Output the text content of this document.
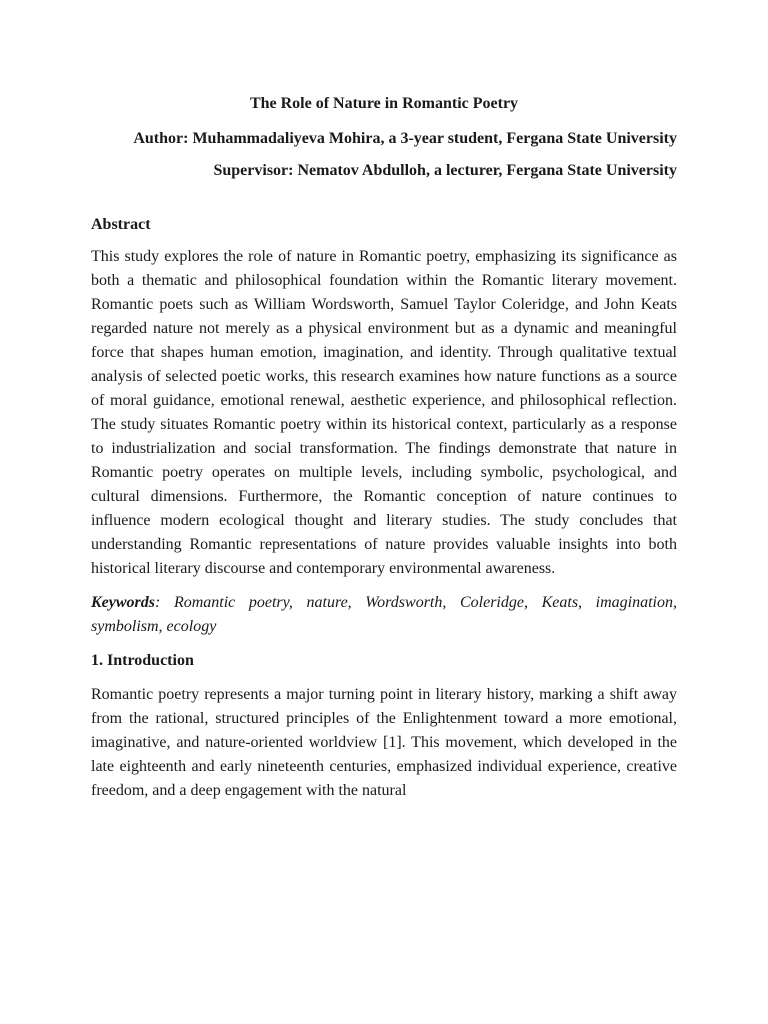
The Role of Nature in Romantic Poetry

Author: Muhammadaliyeva Mohira, a 3-year student, Fergana State University

Supervisor: Nematov Abdulloh, a lecturer, Fergana State University

Abstract

This study explores the role of nature in Romantic poetry, emphasizing its significance as both a thematic and philosophical foundation within the Romantic literary movement. Romantic poets such as William Wordsworth, Samuel Taylor Coleridge, and John Keats regarded nature not merely as a physical environment but as a dynamic and meaningful force that shapes human emotion, imagination, and identity. Through qualitative textual analysis of selected poetic works, this research examines how nature functions as a source of moral guidance, emotional renewal, aesthetic experience, and philosophical reflection. The study situates Romantic poetry within its historical context, particularly as a response to industrialization and social transformation. The findings demonstrate that nature in Romantic poetry operates on multiple levels, including symbolic, psychological, and cultural dimensions. Furthermore, the Romantic conception of nature continues to influence modern ecological thought and literary studies. The study concludes that understanding Romantic representations of nature provides valuable insights into both historical literary discourse and contemporary environmental awareness.

Keywords: Romantic poetry, nature, Wordsworth, Coleridge, Keats, imagination, symbolism, ecology

1. Introduction

Romantic poetry represents a major turning point in literary history, marking a shift away from the rational, structured principles of the Enlightenment toward a more emotional, imaginative, and nature-oriented worldview [1]. This movement, which developed in the late eighteenth and early nineteenth centuries, emphasized individual experience, creative freedom, and a deep engagement with the natural
